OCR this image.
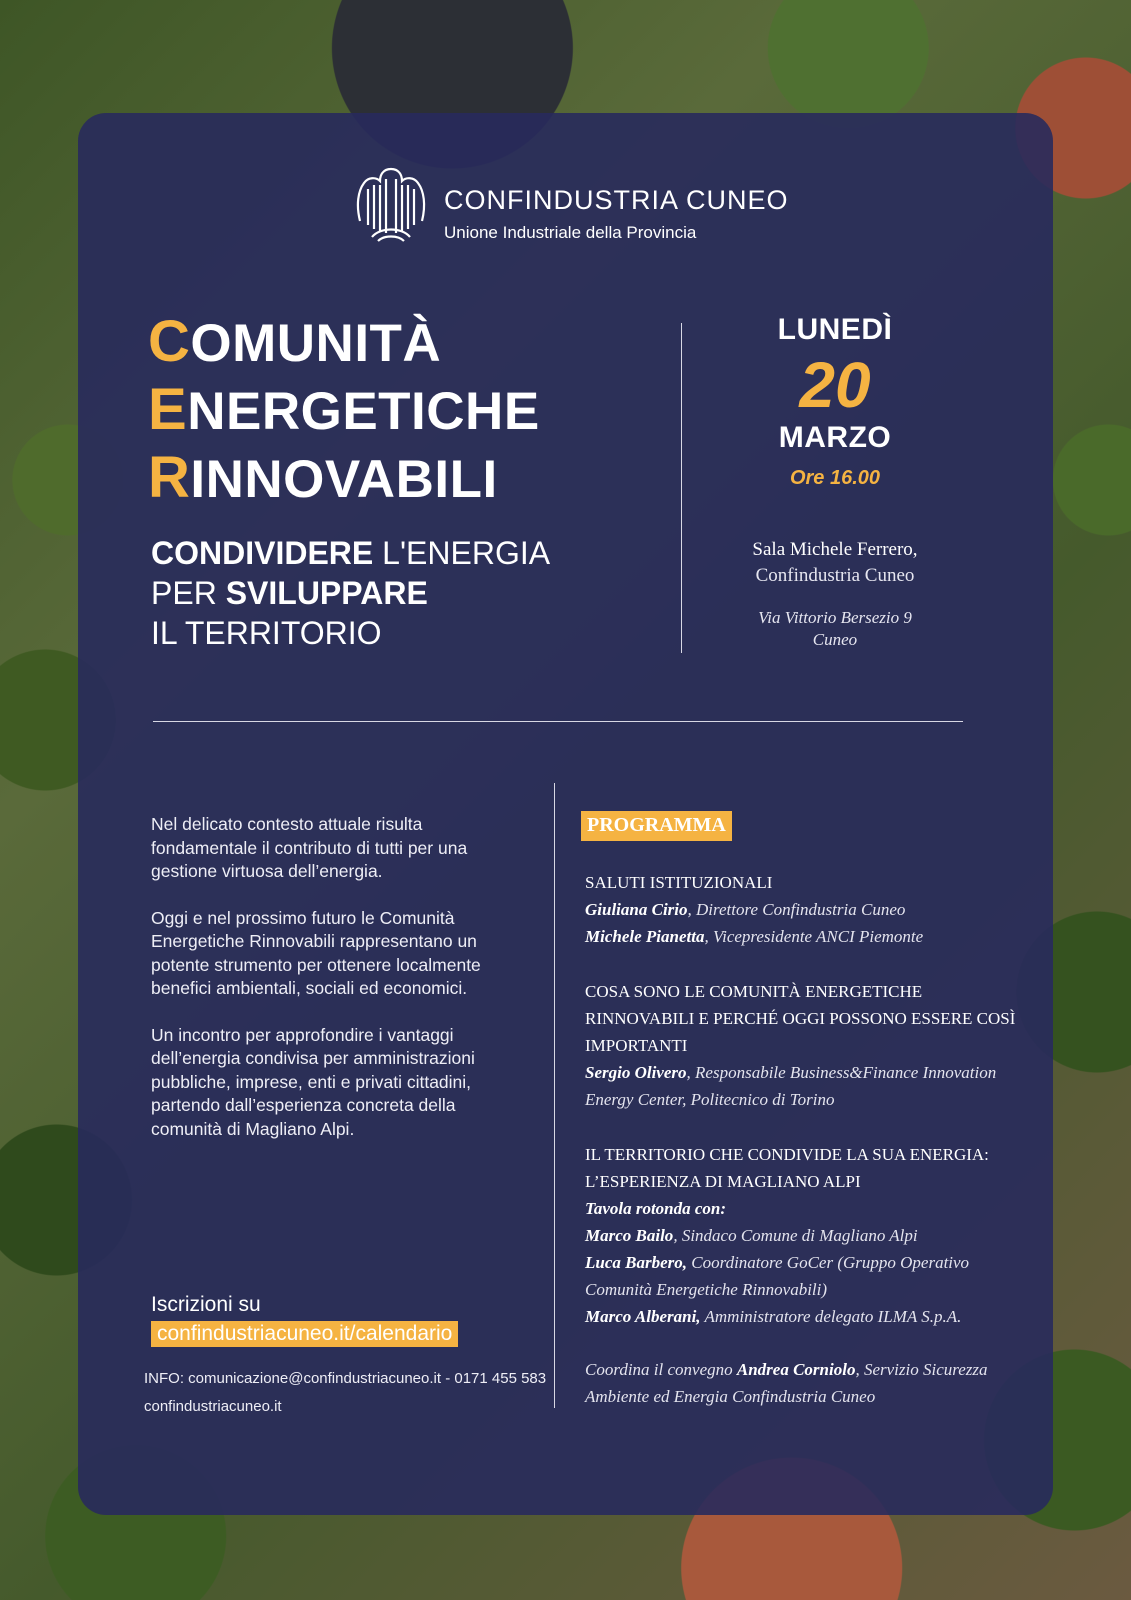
CONFINDUSTRIA CUNEO
Unione Industriale della Provincia
COMUNITÀ
ENERGETICHE
RINNOVABILI
CONDIVIDERE L'ENERGIA
PER SVILUPPARE
IL TERRITORIO
LUNEDÌ
20
MARZO
Ore 16.00
Sala Michele Ferrero,
Confindustria Cuneo
Via Vittorio Bersezio 9
Cuneo

Nel delicato contesto attuale risulta fondamentale il contributo di tutti per una gestione virtuosa dell’energia.

Oggi e nel prossimo futuro le Comunità Energetiche Rinnovabili rappresentano un potente strumento per ottenere localmente benefici ambientali, sociali ed economici.

Un incontro per approfondire i vantaggi dell’energia condivisa per amministrazioni pubbliche, imprese, enti e privati cittadini, partendo dall’esperienza concreta della comunità di Magliano Alpi.

Iscrizioni su
confindustriacuneo.it/calendario
INFO: comunicazione@confindustriacuneo.it - 0171 455 583
confindustriacuneo.it
PROGRAMMA
SALUTI ISTITUZIONALI
Giuliana Cirio, Direttore Confindustria Cuneo
Michele Pianetta, Vicepresidente ANCI Piemonte
COSA SONO LE COMUNITÀ ENERGETICHE RINNOVABILI E PERCHÉ OGGI POSSONO ESSERE COSÌ IMPORTANTI
Sergio Olivero, Responsabile Business&Finance Innovation Energy Center, Politecnico di Torino
IL TERRITORIO CHE CONDIVIDE LA SUA ENERGIA: L’ESPERIENZA DI MAGLIANO ALPI
Tavola rotonda con:
Marco Bailo, Sindaco Comune di Magliano Alpi
Luca Barbero, Coordinatore GoCer (Gruppo Operativo Comunità Energetiche Rinnovabili)
Marco Alberani, Amministratore delegato ILMA S.p.A.
Coordina il convegno Andrea Corniolo, Servizio Sicurezza Ambiente ed Energia Confindustria Cuneo
